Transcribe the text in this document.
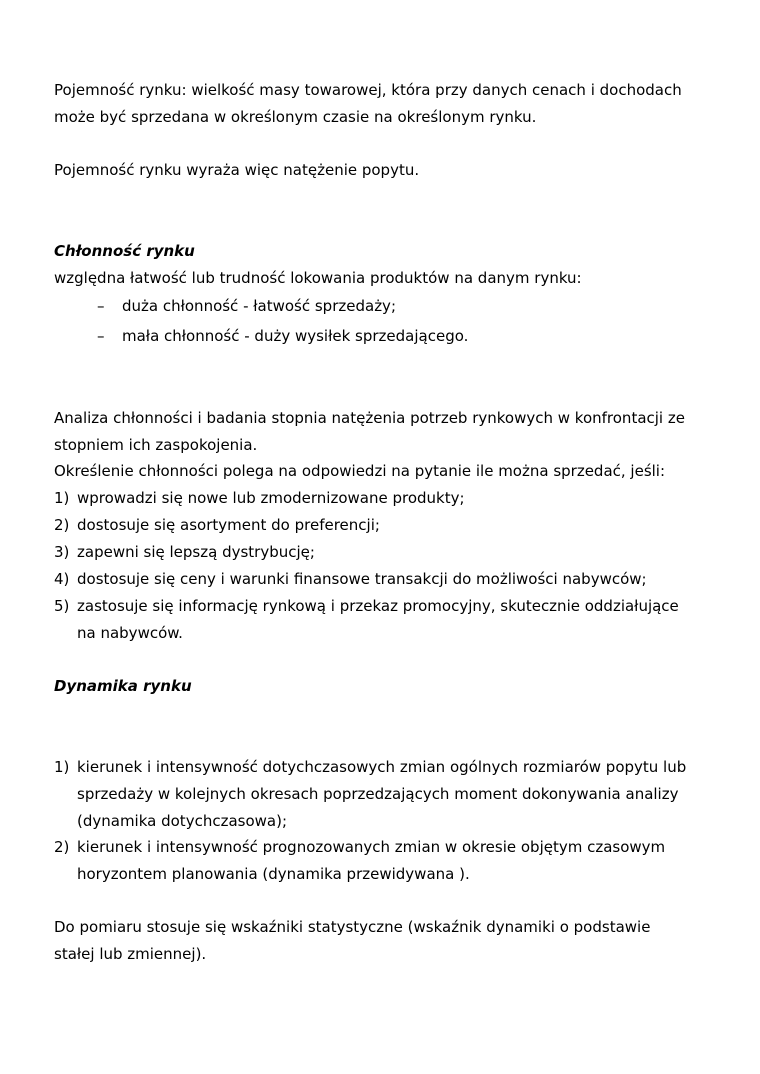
Pojemność rynku: wielkość masy towarowej, która przy danych cenach i dochodach
może być sprzedana w określonym czasie na określonym rynku.
Pojemność rynku wyraża więc natężenie popytu.
Chłonność rynku
względna łatwość lub trudność lokowania produktów na danym rynku:
– duża chłonność - łatwość sprzedaży;
– mała chłonność - duży wysiłek sprzedającego.
Analiza chłonności i badania stopnia natężenia potrzeb rynkowych w konfrontacji ze
stopniem ich zaspokojenia.
Określenie chłonności polega na odpowiedzi na pytanie ile można sprzedać, jeśli:
1) wprowadzi się nowe lub zmodernizowane produkty;
2) dostosuje się asortyment do preferencji;
3) zapewni się lepszą dystrybucję;
4) dostosuje się ceny i warunki finansowe transakcji do możliwości nabywców;
5) zastosuje się informację rynkową i przekaz promocyjny, skutecznie oddziałujące
na nabywców.
Dynamika rynku
1) kierunek i intensywność dotychczasowych zmian ogólnych rozmiarów popytu lub
sprzedaży w kolejnych okresach poprzedzających moment dokonywania analizy
(dynamika dotychczasowa);
2) kierunek i intensywność prognozowanych zmian w okresie objętym czasowym
horyzontem planowania (dynamika przewidywana ).
Do pomiaru stosuje się wskaźniki statystyczne (wskaźnik dynamiki o podstawie
stałej lub zmiennej).
